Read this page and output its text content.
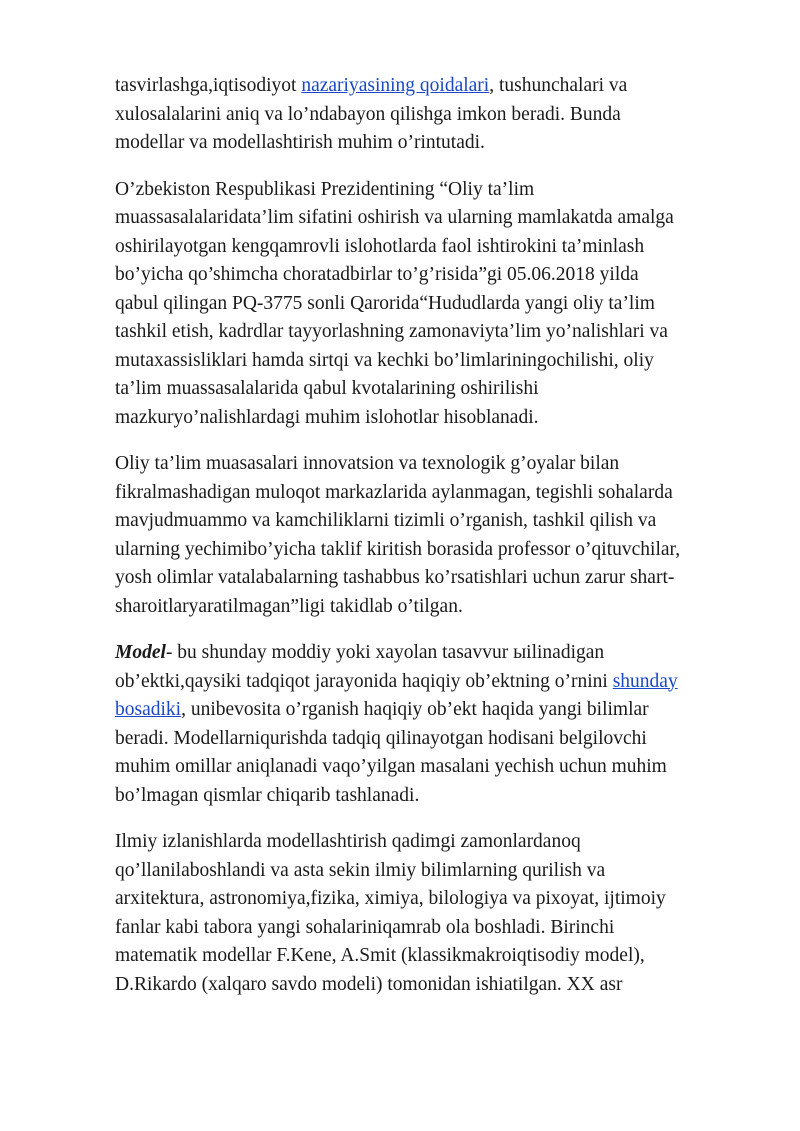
tasvirlashga,iqtisodiyot nazariyasining qoidalari, tushunchalari va
xulosalalarini aniq va lo’ndabayon qilishga imkon beradi. Bunda
modellar va modellashtirish muhim o’rintutadi.

O’zbekiston Respublikasi Prezidentining “Oliy ta’lim
muassasalalaridata’lim sifatini oshirish va ularning mamlakatda amalga
oshirilayotgan kengqamrovli islohotlarda faol ishtirokini ta’minlash
bo’yicha qo’shimcha choratadbirlar to’g’risida”gi 05.06.2018 yilda
qabul qilingan PQ-3775 sonli Qarorida“Hududlarda yangi oliy ta’lim
tashkil etish, kadrdlar tayyorlashning zamonaviyta’lim yo’nalishlari va
mutaxassisliklari hamda sirtqi va kechki bo’limlariningochilishi, oliy
ta’lim muassasalalarida qabul kvotalarining oshirilishi
mazkuryo’nalishlardagi muhim islohotlar hisoblanadi.

Oliy ta’lim muasasalari innovatsion va texnologik g’oyalar bilan
fikralmashadigan muloqot markazlarida aylanmagan, tegishli sohalarda
mavjudmuammo va kamchiliklarni tizimli o’rganish, tashkil qilish va
ularning yechimibo’yicha taklif kiritish borasida professor o’qituvchilar,
yosh olimlar vatalabalarning tashabbus ko’rsatishlari uchun zarur shart-
sharoitlaryaratilmagan”ligi takidlab o’tilgan.

Model- bu shunday moddiy yoki xayolan tasavvur ыilinadigan
ob’ektki,qaysiki tadqiqot jarayonida haqiqiy ob’ektning o’rnini shunday
bosadiki, unibevosita o’rganish haqiqiy ob’ekt haqida yangi bilimlar
beradi. Modellarniqurishda tadqiq qilinayotgan hodisani belgilovchi
muhim omillar aniqlanadi vaqo’yilgan masalani yechish uchun muhim
bo’lmagan qismlar chiqarib tashlanadi.

Ilmiy izlanishlarda modellashtirish qadimgi zamonlardanoq
qo’llanilaboshlandi va asta sekin ilmiy bilimlarning qurilish va
arxitektura, astronomiya,fizika, ximiya, bilologiya va pixoyat, ijtimoiy
fanlar kabi tabora yangi sohalariniqamrab ola boshladi. Birinchi
matematik modellar F.Kene, A.Smit (klassikmakroiqtisodiy model),
D.Rikardo (xalqaro savdo modeli) tomonidan ishiatilgan. XX asr
